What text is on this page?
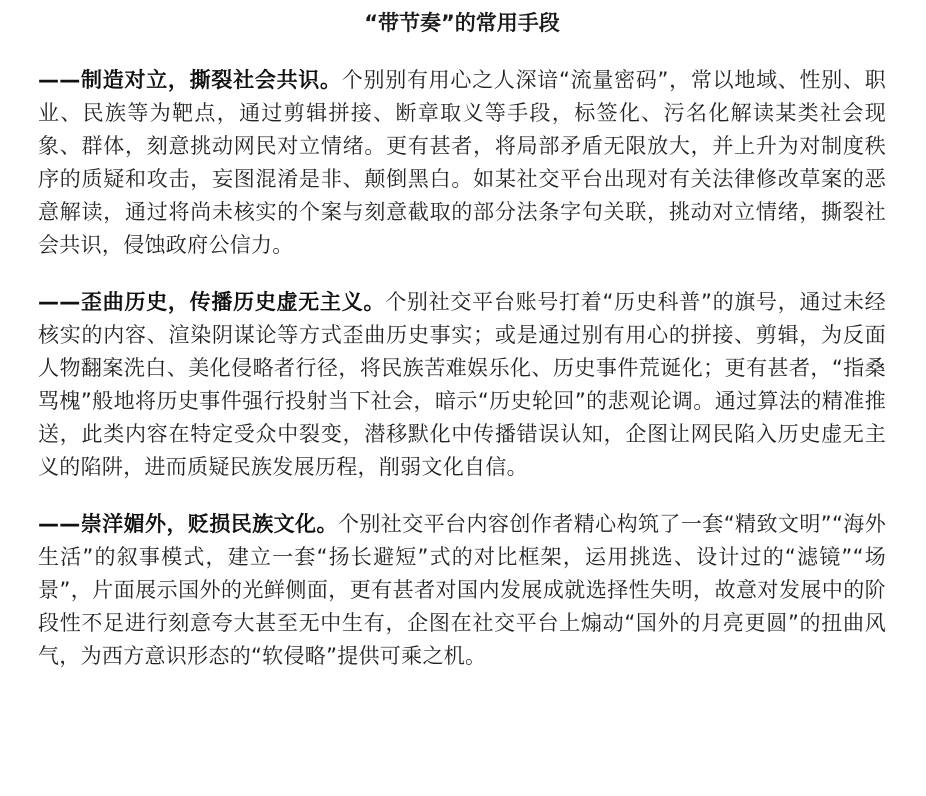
“带节奏”的常用手段

——制造对立，撕裂社会共识。个别别有用心之人深谙“流量密码”，常以地域、性别、职业、民族等为靶点，通过剪辑拼接、断章取义等手段，标签化、污名化解读某类社会现象、群体，刻意挑动网民对立情绪。更有甚者，将局部矛盾无限放大，并上升为对制度秩序的质疑和攻击，妄图混淆是非、颠倒黑白。如某社交平台出现对有关法律修改草案的恶意解读，通过将尚未核实的个案与刻意截取的部分法条字句关联，挑动对立情绪，撕裂社会共识，侵蚀政府公信力。

——歪曲历史，传播历史虚无主义。个别社交平台账号打着“历史科普”的旗号，通过未经核实的内容、渲染阴谋论等方式歪曲历史事实；或是通过别有用心的拼接、剪辑，为反面人物翻案洗白、美化侵略者行径，将民族苦难娱乐化、历史事件荒诞化；更有甚者，“指桑骂槐”般地将历史事件强行投射当下社会，暗示“历史轮回”的悲观论调。通过算法的精准推送，此类内容在特定受众中裂变，潜移默化中传播错误认知，企图让网民陷入历史虚无主义的陷阱，进而质疑民族发展历程，削弱文化自信。

——崇洋媚外，贬损民族文化。个别社交平台内容创作者精心构筑了一套“精致文明”“海外生活”的叙事模式，建立一套“扬长避短”式的对比框架，运用挑选、设计过的“滤镜”“场景”，片面展示国外的光鲜侧面，更有甚者对国内发展成就选择性失明，故意对发展中的阶段性不足进行刻意夸大甚至无中生有，企图在社交平台上煽动“国外的月亮更圆”的扭曲风气，为西方意识形态的“软侵略”提供可乘之机。
